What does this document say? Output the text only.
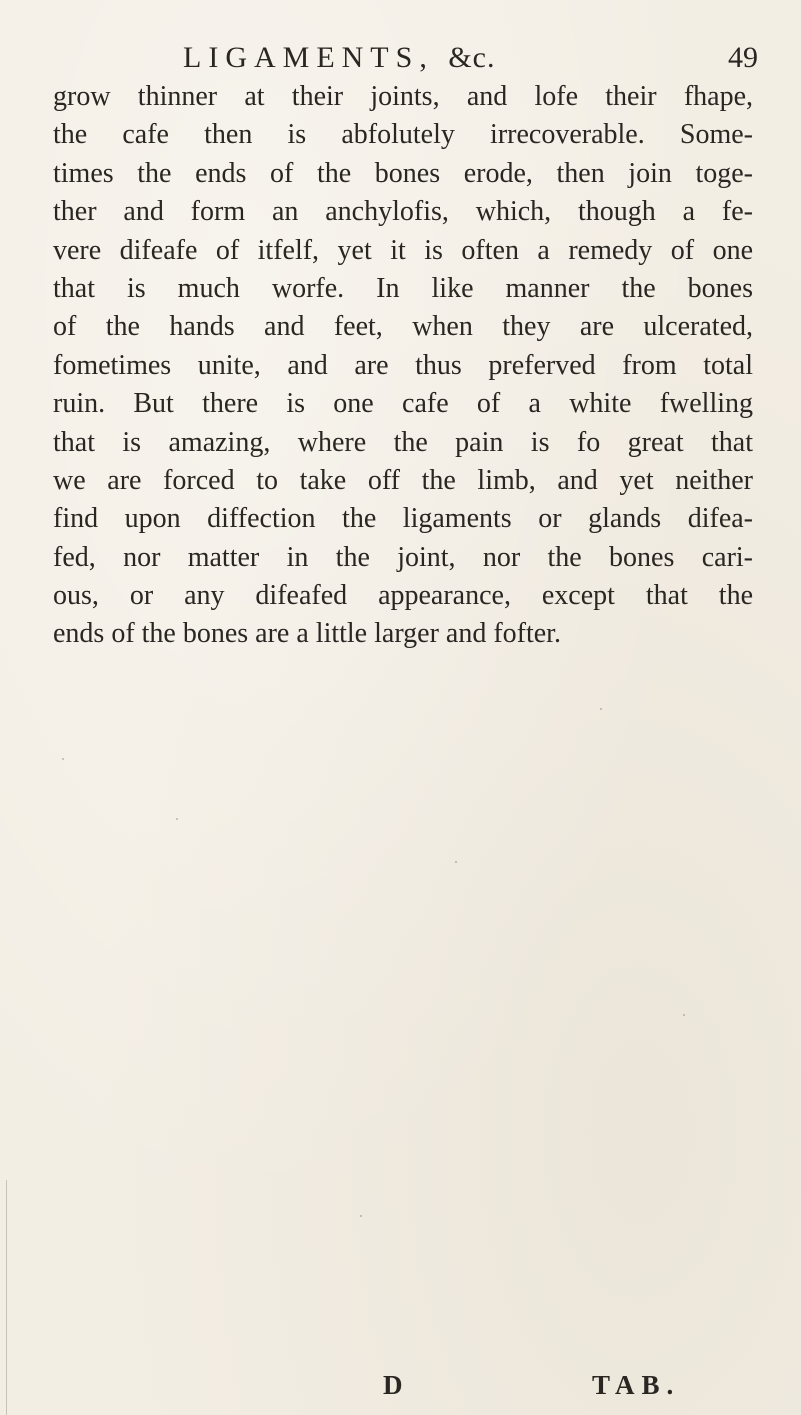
LIGAMENTS, &c.	49
grow thinner at their joints, and lofe their fhape,
the cafe then is abfolutely irrecoverable. Some-
times the ends of the bones erode, then join toge-
ther and form an anchylofis, which, though a fe-
vere difeafe of itfelf, yet it is often a remedy of one
that is much worfe. In like manner the bones
of the hands and feet, when they are ulcerated,
fometimes unite, and are thus preferved from total
ruin. But there is one cafe of a white fwelling
that is amazing, where the pain is fo great that
we are forced to take off the limb, and yet neither
find upon diffection the ligaments or glands difea-
fed, nor matter in the joint, nor the bones cari-
ous, or any difeafed appearance, except that the
ends of the bones are a little larger and fofter.
D	TAB.
